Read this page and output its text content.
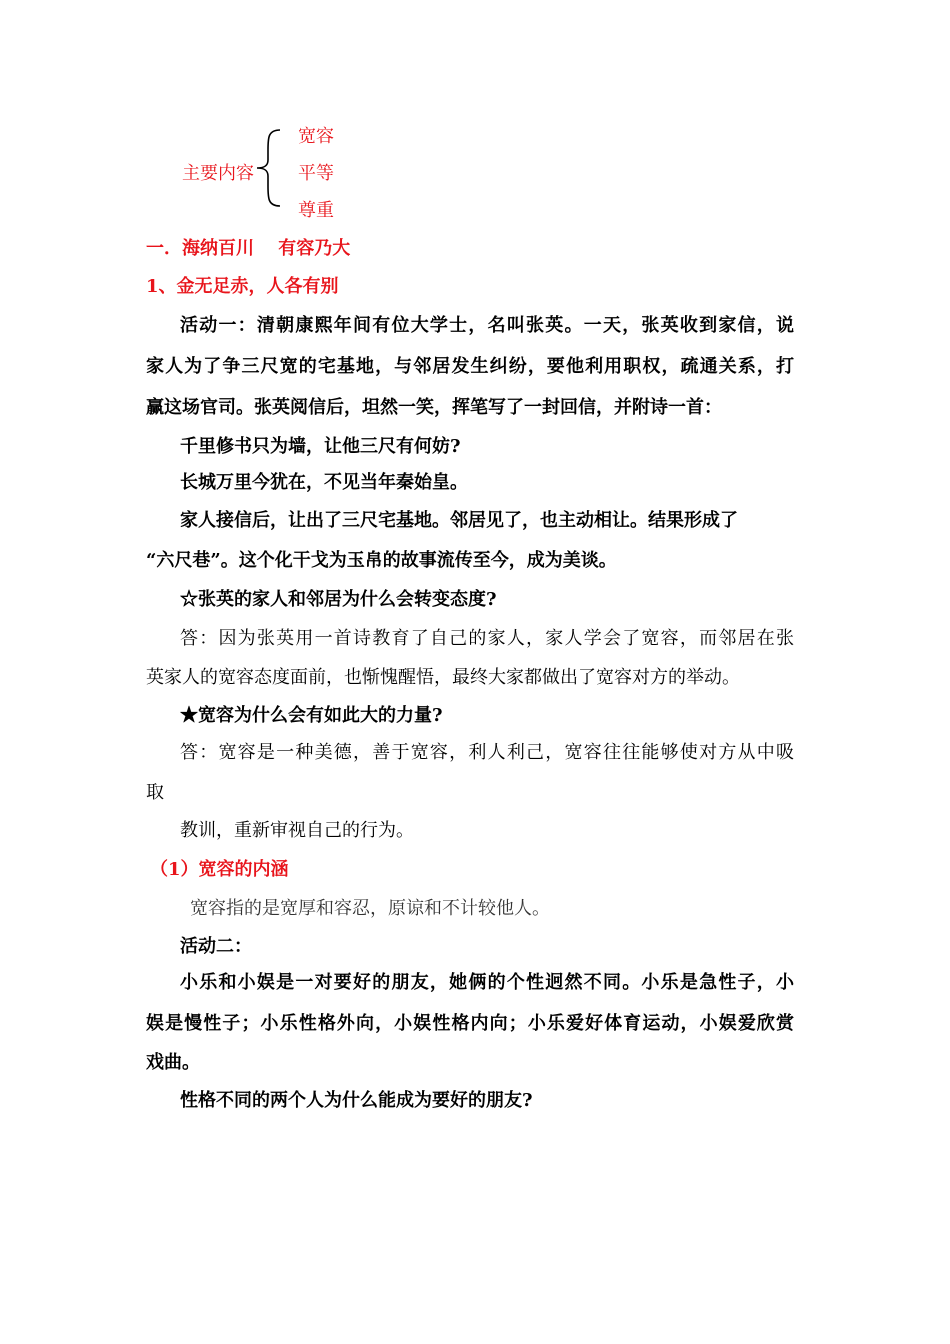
主要内容
宽容
平等
尊重
一．海纳百川　 有容乃大
1、金无足赤，人各有别
活动一：清朝康熙年间有位大学士，名叫张英。一天，张英收到家信，说
家人为了争三尺宽的宅基地，与邻居发生纠纷，要他利用职权，疏通关系，打
赢这场官司。张英阅信后，坦然一笑，挥笔写了一封回信，并附诗一首：
千里修书只为墙，让他三尺有何妨?
长城万里今犹在，不见当年秦始皇。
家人接信后，让出了三尺宅基地。邻居见了，也主动相让。结果形成了
“六尺巷”。这个化干戈为玉帛的故事流传至今，成为美谈。
☆张英的家人和邻居为什么会转变态度?
答：因为张英用一首诗教育了自己的家人，家人学会了宽容，而邻居在张
英家人的宽容态度面前，也惭愧醒悟，最终大家都做出了宽容对方的举动。
★宽容为什么会有如此大的力量?
答：宽容是一种美德，善于宽容，利人利己，宽容往往能够使对方从中吸
取
教训，重新审视自己的行为。
（1）宽容的内涵
宽容指的是宽厚和容忍，原谅和不计较他人。
活动二：
小乐和小娱是一对要好的朋友，她俩的个性迥然不同。小乐是急性子，小
娱是慢性子；小乐性格外向，小娱性格内向；小乐爱好体育运动，小娱爱欣赏
戏曲。
性格不同的两个人为什么能成为要好的朋友?
